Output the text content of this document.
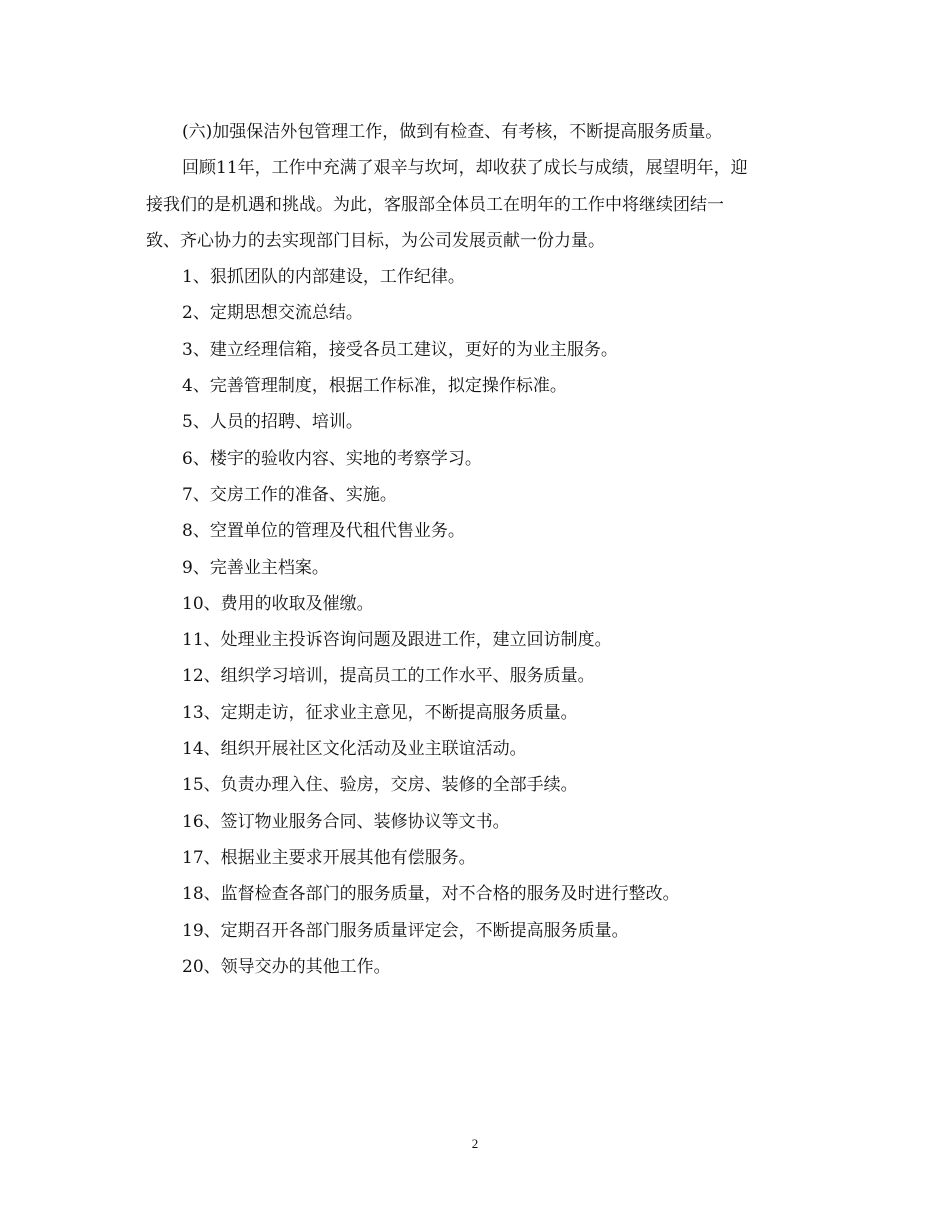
(六)加强保洁外包管理工作，做到有检查、有考核，不断提高服务质量。

回顾11年，工作中充满了艰辛与坎坷，却收获了成长与成绩，展望明年，迎
接我们的是机遇和挑战。为此，客服部全体员工在明年的工作中将继续团结一
致、齐心协力的去实现部门目标，为公司发展贡献一份力量。

1、狠抓团队的内部建设，工作纪律。

2、定期思想交流总结。

3、建立经理信箱，接受各员工建议，更好的为业主服务。

4、完善管理制度，根据工作标准，拟定操作标准。

5、人员的招聘、培训。

6、楼宇的验收内容、实地的考察学习。

7、交房工作的准备、实施。

8、空置单位的管理及代租代售业务。

9、完善业主档案。

10、费用的收取及催缴。

11、处理业主投诉咨询问题及跟进工作，建立回访制度。

12、组织学习培训，提高员工的工作水平、服务质量。

13、定期走访，征求业主意见，不断提高服务质量。

14、组织开展社区文化活动及业主联谊活动。

15、负责办理入住、验房，交房、装修的全部手续。

16、签订物业服务合同、装修协议等文书。

17、根据业主要求开展其他有偿服务。

18、监督检查各部门的服务质量，对不合格的服务及时进行整改。

19、定期召开各部门服务质量评定会，不断提高服务质量。

20、领导交办的其他工作。

2
